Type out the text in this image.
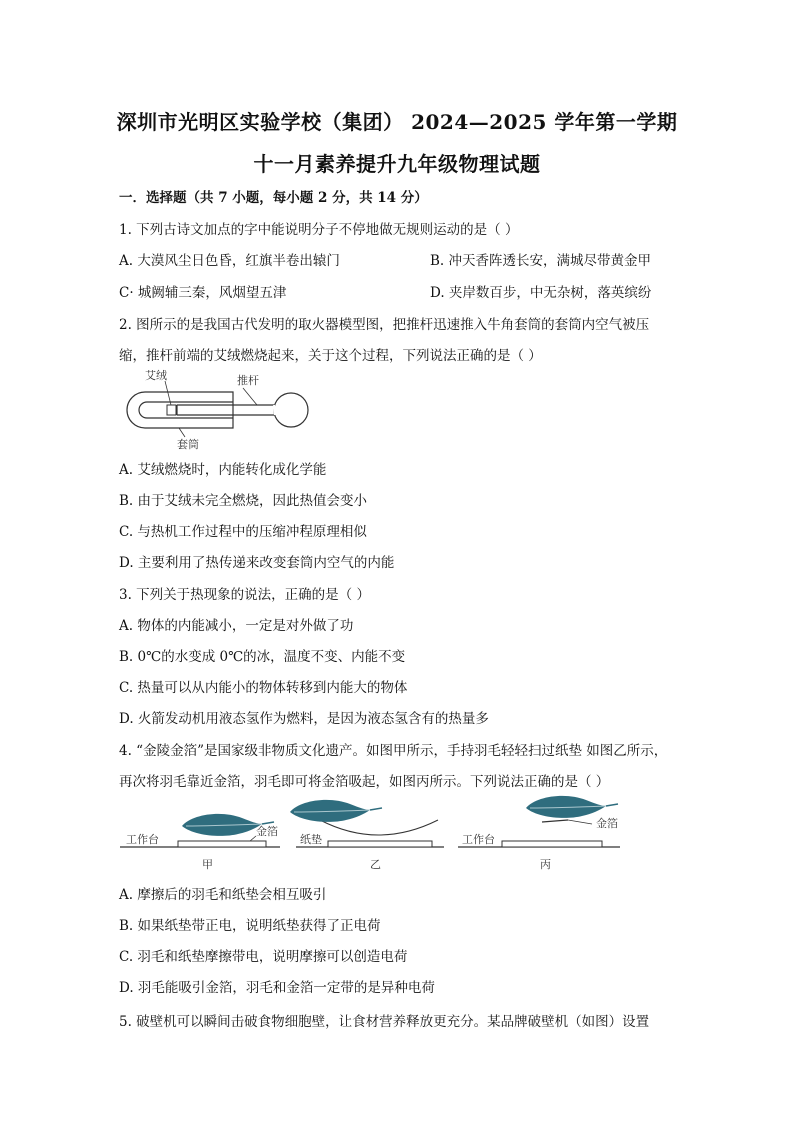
深圳市光明区实验学校（集团） 2024—2025 学年第一学期
十一月素养提升九年级物理试题
一．选择题（共 7 小题，每小题 2 分，共 14 分）
1. 下列古诗文加点的字中能说明分子不停地做无规则运动的是（ ）
A. 大漠风尘日色昏，红旗半卷出辕门	B. 冲天香阵透长安，满城尽带黄金甲
C· 城阙辅三秦，风烟望五津	D. 夹岸数百步，中无杂树，落英缤纷
2. 图所示的是我国古代发明的取火器模型图，把推杆迅速推入牛角套筒的套筒内空气被压
缩，推杆前端的艾绒燃烧起来，关于这个过程，下列说法正确的是（ ）
艾绒	推杆
套筒
A. 艾绒燃烧时，内能转化成化学能
B. 由于艾绒未完全燃烧，因此热值会变小
C. 与热机工作过程中的压缩冲程原理相似
D. 主要利用了热传递来改变套筒内空气的内能
3. 下列关于热现象的说法，正确的是（ ）
A. 物体的内能减小，一定是对外做了功
B. 0℃的水变成 0℃的冰，温度不变、内能不变
C. 热量可以从内能小的物体转移到内能大的物体
D. 火箭发动机用液态氢作为燃料，是因为液态氢含有的热量多
4. “金陵金箔”是国家级非物质文化遗产。如图甲所示，手持羽毛轻轻扫过纸垫 如图乙所示，
再次将羽毛靠近金箔，羽毛即可将金箔吸起，如图丙所示。下列说法正确的是（ ）
工作台
金箔
甲
纸垫
乙
工作台
金箔
丙
A. 摩擦后的羽毛和纸垫会相互吸引
B. 如果纸垫带正电，说明纸垫获得了正电荷
C. 羽毛和纸垫摩擦带电，说明摩擦可以创造电荷
D. 羽毛能吸引金箔，羽毛和金箔一定带的是异种电荷
5. 破壁机可以瞬间击破食物细胞壁，让食材营养释放更充分。某品牌破壁机（如图）设置
